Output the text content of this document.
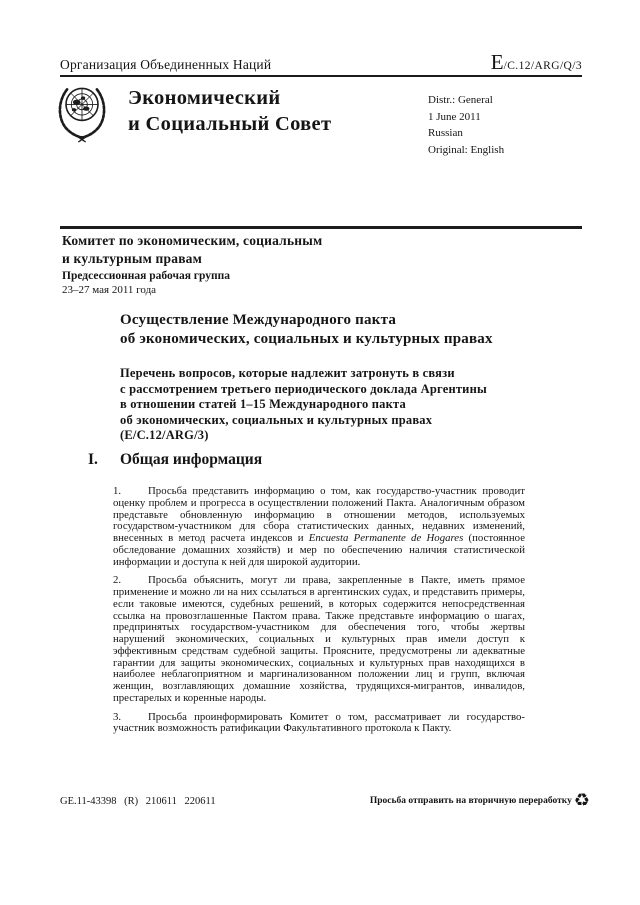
Организация Объединенных Наций	E/C.12/ARG/Q/3
Экономический
и Социальный Совет
Distr.: General
1 June 2011
Russian
Original: English
Комитет по экономическим, социальным
и культурным правам
Предсессионная рабочая группа
23–27 мая 2011 года
Осуществление Международного пакта
об экономических, социальных и культурных правах
Перечень вопросов, которые надлежит затронуть в связи
с рассмотрением третьего периодического доклада Аргентины
в отношении статей 1–15 Международного пакта
об экономических, социальных и культурных правах
(E/C.12/ARG/3)
I. Общая информация

1. Просьба представить информацию о том, как государство-участник проводит оценку проблем и прогресса в осуществлении положений Пакта. Аналогичным образом представьте обновленную информацию в отношении методов, используемых государством-участником для сбора статистических данных, недавних изменений, внесенных в метод расчета индексов и Encuesta Permanente de Hogares (постоянное обследование домашних хозяйств) и мер по обеспечению наличия статистической информации и доступа к ней для широкой аудитории.

2. Просьба объяснить, могут ли права, закрепленные в Пакте, иметь прямое применение и можно ли на них ссылаться в аргентинских судах, и представить примеры, если таковые имеются, судебных решений, в которых содержится непосредственная ссылка на провозглашенные Пактом права. Также представьте информацию о шагах, предпринятых государством-участником для обеспечения того, чтобы жертвы нарушений экономических, социальных и культурных прав имели доступ к эффективным средствам судебной защиты. Проясните, предусмотрены ли адекватные гарантии для защиты экономических, социальных и культурных прав находящихся в наиболее неблагоприятном и маргинализованном положении лиц и групп, включая женщин, возглавляющих домашние хозяйства, трудящихся-мигрантов, инвалидов, престарелых и коренные народы.

3. Просьба проинформировать Комитет о том, рассматривает ли государство-участник возможность ратификации Факультативного протокола к Пакту.

GE.11-43398 (R) 210611 220611	Просьба отправить на вторичную переработку ♻
